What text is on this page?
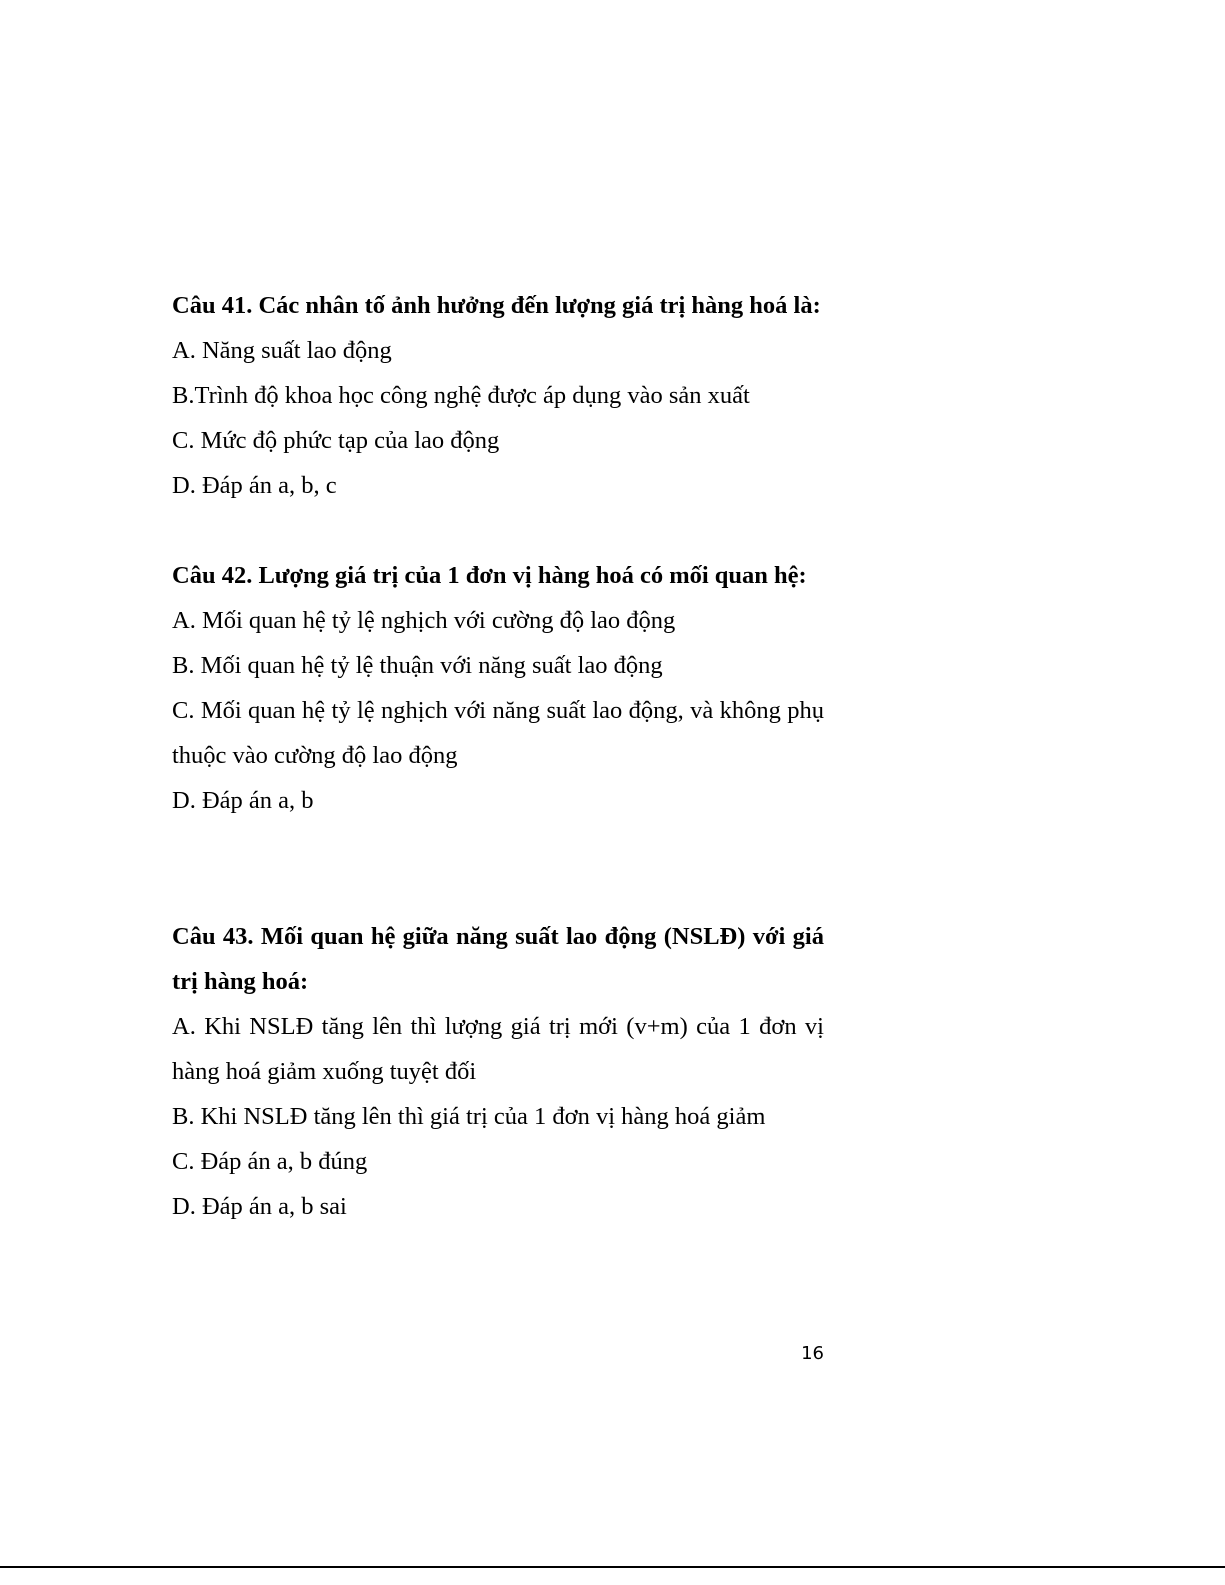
Câu 41. Các nhân tố ảnh hưởng đến lượng giá trị hàng hoá là:

A. Năng suất lao động

B.Trình độ khoa học công nghệ được áp dụng vào sản xuất

C. Mức độ phức tạp của lao động

D. Đáp án a, b, c

Câu 42. Lượng giá trị của 1 đơn vị hàng hoá có mối quan hệ:

A. Mối quan hệ tỷ lệ nghịch với cường độ lao động

B. Mối quan hệ tỷ lệ thuận với năng suất lao động

C. Mối quan hệ tỷ lệ nghịch với năng suất lao động, và không phụ thuộc vào cường độ lao động

D. Đáp án a, b

Câu 43. Mối quan hệ giữa năng suất lao động (NSLĐ) với giá trị hàng hoá:

A. Khi NSLĐ tăng lên thì lượng giá trị mới (v+m) của 1 đơn vị hàng hoá giảm xuống tuyệt đối

B. Khi NSLĐ tăng lên thì giá trị của 1 đơn vị hàng hoá giảm

C. Đáp án a, b đúng

D. Đáp án a, b sai

16
